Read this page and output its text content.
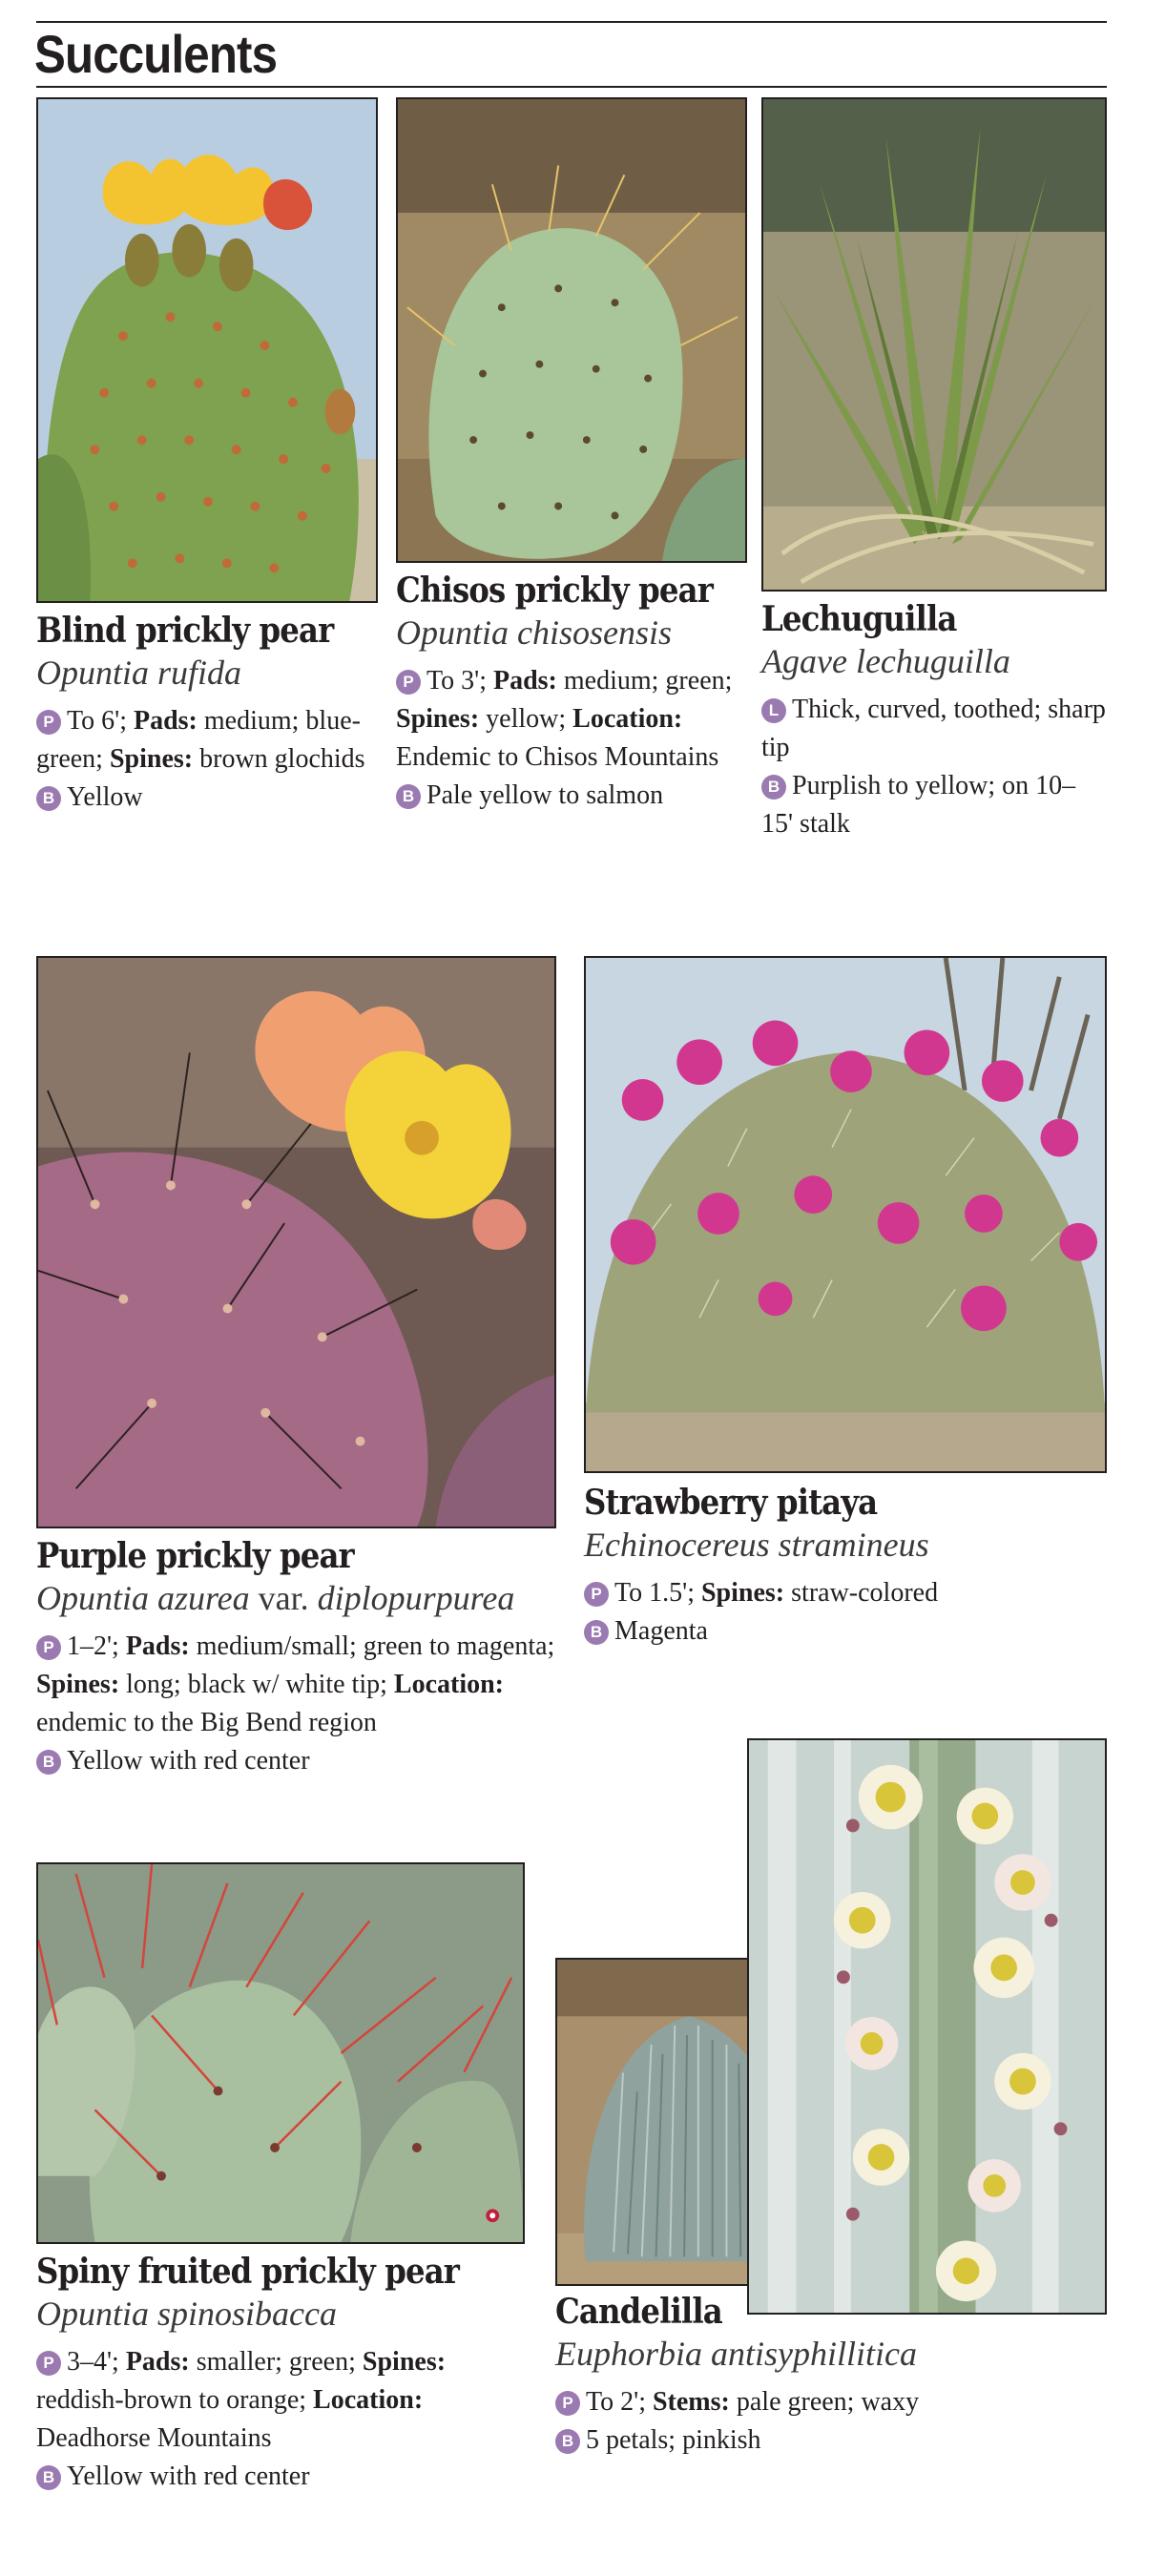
Succulents
Blind prickly pear

Opuntia rufida

P To 6'; Pads: medium; blue-green; Spines: brown glochids
B Yellow

Chisos prickly pear

Opuntia chisosensis

P To 3'; Pads: medium; green; Spines: yellow; Location: Endemic to Chisos Mountains
B Pale yellow to salmon

Lechuguilla

Agave lechuguilla

L Thick, curved, toothed; sharp tip
B Purplish to yellow; on 10–15' stalk

Purple prickly pear

Opuntia azurea var. diplopurpurea

P 1–2'; Pads: medium/small; green to magenta; Spines: long; black w/ white tip; Location: endemic to the Big Bend region
B Yellow with red center

Strawberry pitaya

Echinocereus stramineus

P To 1.5'; Spines: straw-colored
B Magenta

Spiny fruited prickly pear

Opuntia spinosibacca

P 3–4'; Pads: smaller; green; Spines: reddish-brown to orange; Location: Deadhorse Mountains
B Yellow with red center

Candelilla

Euphorbia antisyphillitica

P To 2'; Stems: pale green; waxy
B 5 petals; pinkish
